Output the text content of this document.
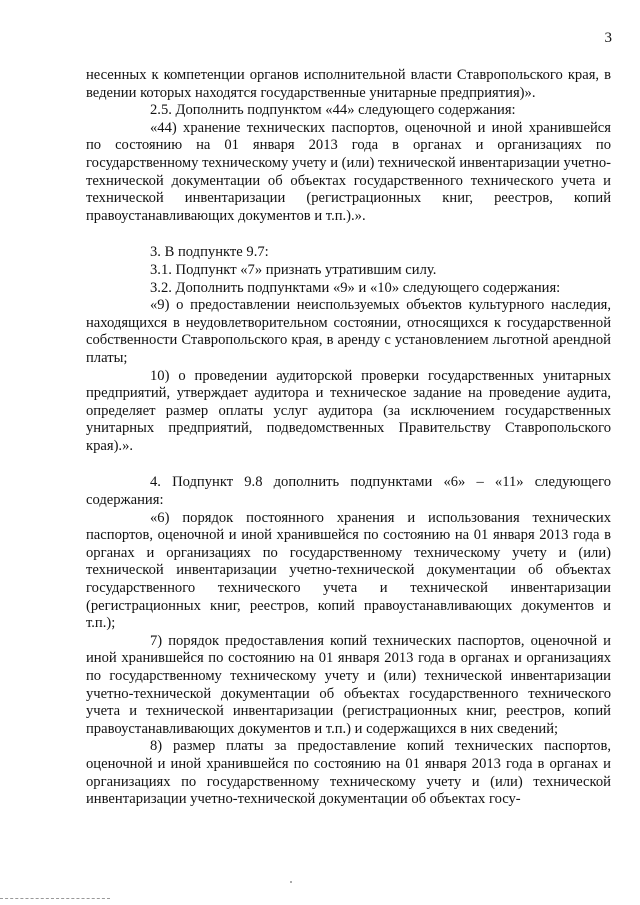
3

несенных к компетенции органов исполнительной власти Ставропольского края, в ведении которых находятся государственные унитарные предприятия)».

2.5. Дополнить подпунктом «44» следующего содержания:

«44) хранение технических паспортов, оценочной и иной хранившейся по состоянию на 01 января 2013 года в органах и организациях по государственному техническому учету и (или) технической инвентаризации учетно-технической документации об объектах государственного технического учета и технической инвентаризации (регистрационных книг, реестров, копий правоустанавливающих документов и т.п.).».

3. В подпункте 9.7:

3.1. Подпункт «7» признать утратившим силу.

3.2. Дополнить подпунктами «9» и «10» следующего содержания:

«9) о предоставлении неиспользуемых объектов культурного наследия, находящихся в неудовлетворительном состоянии, относящихся к государственной собственности Ставропольского края, в аренду с установлением льготной арендной платы;

10) о проведении аудиторской проверки государственных унитарных предприятий, утверждает аудитора и техническое задание на проведение аудита, определяет размер оплаты услуг аудитора (за исключением государственных унитарных предприятий, подведомственных Правительству Ставропольского края).».

4. Подпункт 9.8 дополнить подпунктами «6» – «11» следующего содержания:

«6) порядок постоянного хранения и использования технических паспортов, оценочной и иной хранившейся по состоянию на 01 января 2013 года в органах и организациях по государственному техническому учету и (или) технической инвентаризации учетно-технической документации об объектах государственного технического учета и технической инвентаризации (регистрационных книг, реестров, копий правоустанавливающих документов и т.п.);

7) порядок предоставления копий технических паспортов, оценочной и иной хранившейся по состоянию на 01 января 2013 года в органах и организациях по государственному техническому учету и (или) технической инвентаризации учетно-технической документации об объектах государственного технического учета и технической инвентаризации (регистрационных книг, реестров, копий правоустанавливающих документов и т.п.) и содержащихся в них сведений;

8) размер платы за предоставление копий технических паспортов, оценочной и иной хранившейся по состоянию на 01 января 2013 года в органах и организациях по государственному техническому учету и (или) технической инвентаризации учетно-технической документации об объектах госу-
